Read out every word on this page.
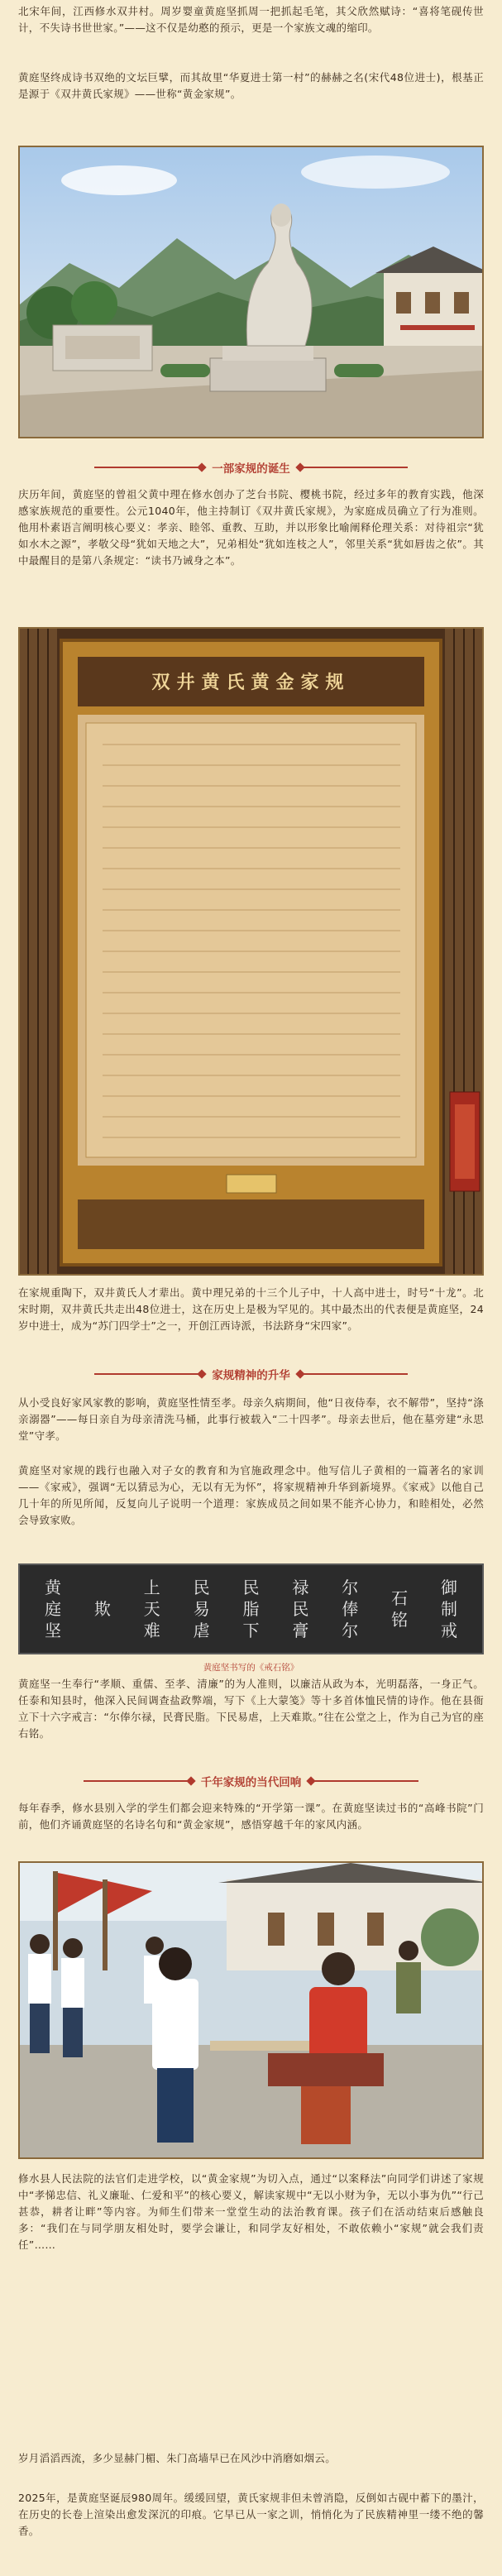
北宋年间，江西修水双井村。周岁婴童黄庭坚抓周一把抓起毛笔，其父欣然赋诗：“喜将笔砚传世计，不失诗书世世家。”——这不仅是幼憨的预示，更是一个家族文魂的缩印。

黄庭坚终成诗书双绝的文坛巨擘，而其故里“华夏进士第一村”的赫赫之名(宋代48位进士)，根基正是源于《双井黄氏家规》——世称“黄金家规”。

一部家规的诞生

庆历年间，黄庭坚的曾祖父黄中理在修水创办了芝台书院、樱桃书院，经过多年的教育实践，他深感家族规范的重要性。公元1040年，他主持制订《双井黄氏家规》，为家庭成员确立了行为准则。他用朴素语言阐明核心要义：孝亲、睦邻、重教、互助，并以形象比喻阐释伦理关系：对待祖宗“犹如水木之源”，孝敬父母“犹如天地之大”，兄弟相处“犹如连枝之人”，邻里关系“犹如唇齿之依”。其中最醒目的是第八条规定：“读书乃诫身之本”。

双井黄氏黄金家规

在家规重陶下，双井黄氏人才辈出。黄中理兄弟的十三个儿子中，十人高中进士，时号“十龙”。北宋时期，双井黄氏共走出48位进士，这在历史上是极为罕见的。其中最杰出的代表便是黄庭坚，24岁中进士，成为“苏门四学士”之一，开创江西诗派，书法跻身“宋四家”。

家规精神的升华

从小受良好家风家教的影响，黄庭坚性情至孝。母亲久病期间，他“日夜侍奉，衣不解带”，坚持“涤亲溺器”——每日亲自为母亲清洗马桶，此事行被载入“二十四孝”。母亲去世后，他在墓旁建“永思堂”守孝。

黄庭坚对家规的践行也融入对子女的教育和为官施政理念中。他写信儿子黄相的一篇著名的家训——《家戒》，强调“无以猜忌为心，无以有无为怀”，将家规精神升华到新境界。《家戒》以他自己几十年的所见所闻，反复向儿子说明一个道理：家族成员之间如果不能齐心协力，和睦相处，必然会导致家败。

御
制
戒
石
铭
尔
俸
尔
禄
民
膏
民
脂
下
民
易
虐
上
天
难
欺
黄
庭
坚

黄庭坚书写的《戒石铭》

黄庭坚一生奉行“孝顺、重儒、至孝、清廉”的为人准则，以廉洁从政为本，光明磊落，一身正气。任泰和知县时，他深入民间调查盐政弊端，写下《上大蒙笺》等十多首体恤民情的诗作。他在县衙立下十六字戒言：“尔俸尔禄，民膏民脂。下民易虐，上天难欺。”往在公堂之上，作为自己为官的座右铭。

千年家规的当代回响

每年春季，修水县别入学的学生们都会迎来特殊的“开学第一课”。在黄庭坚读过书的“高峰书院”门前，他们齐诵黄庭坚的名诗名句和“黄金家规”，感悟穿越千年的家风内涵。

修水县人民法院的法官们走进学校，以“黄金家规”为切入点，通过“以案释法”向同学们讲述了家规中“孝悌忠信、礼义廉耻、仁爱和平”的核心要义，解读家规中“无以小财为争，无以小事为仇”“行己甚恭，耕者让畔”等内容。为师生们带来一堂堂生动的法治教育课。孩子们在活动结束后感触良多：“我们在与同学朋友相处时，要学会谦让，和同学友好相处，不敢依赖小“家规”就会我们责任”……

岁月滔滔西流，多少显赫门楣、朱门高墙早已在风沙中消磨如烟云。

2025年，是黄庭坚诞辰980周年。缓缓回望，黄氏家规非但未曾消隐，反倒如古砚中蓄下的墨汁，在历史的长卷上渲染出愈发深沉的印痕。它早已从一家之训，悄悄化为了民族精神里一缕不绝的馨香。
